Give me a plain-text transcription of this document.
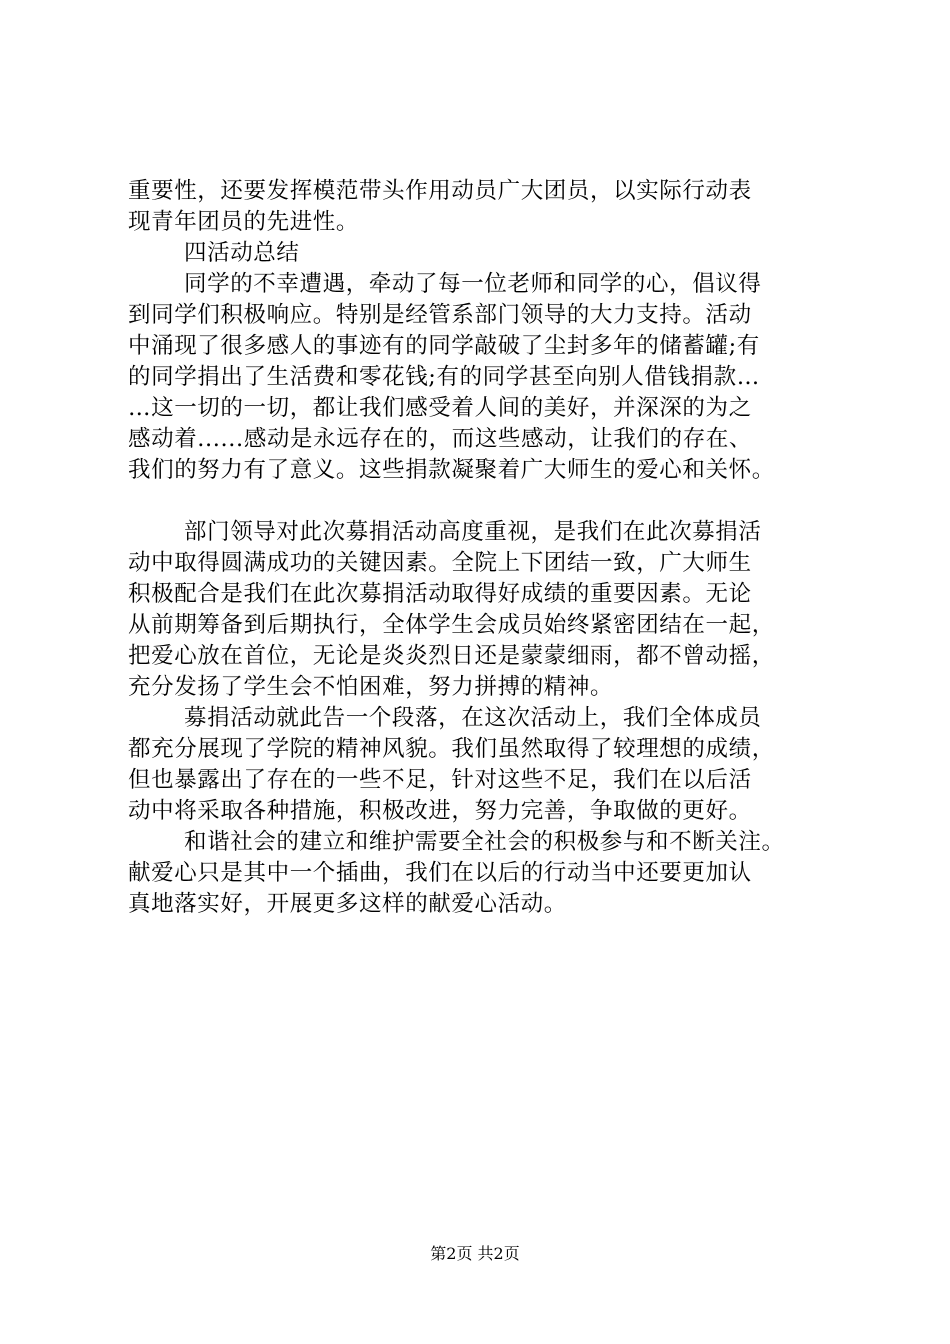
重要性，还要发挥模范带头作用动员广大团员，以实际行动表
现青年团员的先进性。
四活动总结
同学的不幸遭遇，牵动了每一位老师和同学的心，倡议得
到同学们积极响应。特别是经管系部门领导的大力支持。活动
中涌现了很多感人的事迹有的同学敲破了尘封多年的储蓄罐;有
的同学捐出了生活费和零花钱;有的同学甚至向别人借钱捐款…
…这一切的一切，都让我们感受着人间的美好，并深深的为之
感动着......感动是永远存在的，而这些感动，让我们的存在、
我们的努力有了意义。这些捐款凝聚着广大师生的爱心和关怀。
部门领导对此次募捐活动高度重视，是我们在此次募捐活
动中取得圆满成功的关键因素。全院上下团结一致，广大师生
积极配合是我们在此次募捐活动取得好成绩的重要因素。无论
从前期筹备到后期执行，全体学生会成员始终紧密团结在一起，
把爱心放在首位，无论是炎炎烈日还是蒙蒙细雨，都不曾动摇，
充分发扬了学生会不怕困难，努力拼搏的精神。
募捐活动就此告一个段落，在这次活动上，我们全体成员
都充分展现了学院的精神风貌。我们虽然取得了较理想的成绩，
但也暴露出了存在的一些不足，针对这些不足，我们在以后活
动中将采取各种措施，积极改进，努力完善，争取做的更好。
和谐社会的建立和维护需要全社会的积极参与和不断关注。
献爱心只是其中一个插曲，我们在以后的行动当中还要更加认
真地落实好，开展更多这样的献爱心活动。
第2页 共2页
